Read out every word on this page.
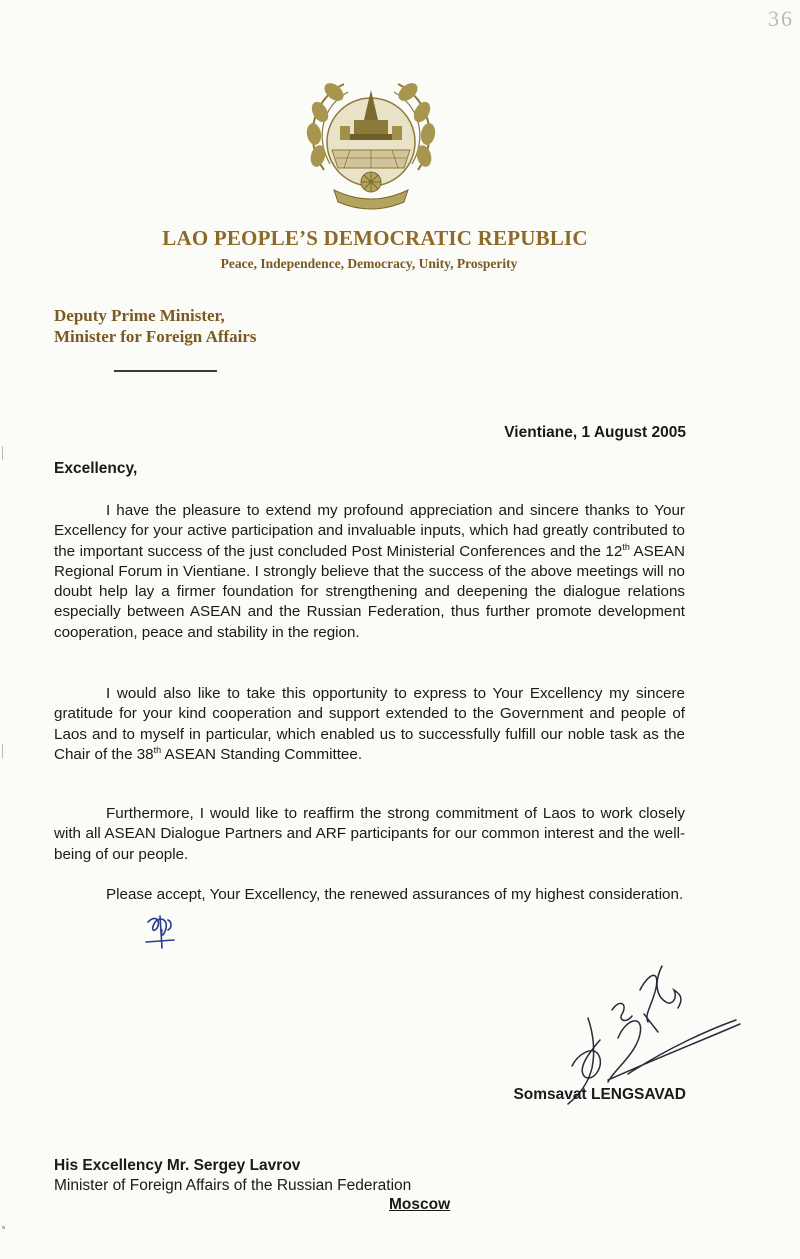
36
LAO PEOPLE’S DEMOCRATIC REPUBLIC
Peace, Independence, Democracy, Unity, Prosperity
Deputy Prime Minister,
Minister for Foreign Affairs
Vientiane, 1 August 2005
Excellency,
I have the pleasure to extend my profound appreciation and sincere thanks to Your Excellency for your active participation and invaluable inputs, which had greatly contributed to the important success of the just concluded Post Ministerial Conferences and the 12th ASEAN Regional Forum in Vientiane. I strongly believe that the success of the above meetings will no doubt help lay a firmer foundation for strengthening and deepening the dialogue relations especially between ASEAN and the Russian Federation, thus further promote development cooperation, peace and stability in the region.
I would also like to take this opportunity to express to Your Excellency my sincere gratitude for your kind cooperation and support extended to the Government and people of Laos and to myself in particular, which enabled us to successfully fulfill our noble task as the Chair of the 38th ASEAN Standing Committee.
Furthermore, I would like to reaffirm the strong commitment of Laos to work closely with all ASEAN Dialogue Partners and ARF participants for our common interest and the well-being of our people.
Please accept, Your Excellency, the renewed assurances of my highest consideration.
Somsavat LENGSAVAD
His Excellency Mr. Sergey Lavrov
Minister of Foreign Affairs of the Russian Federation
Moscow
